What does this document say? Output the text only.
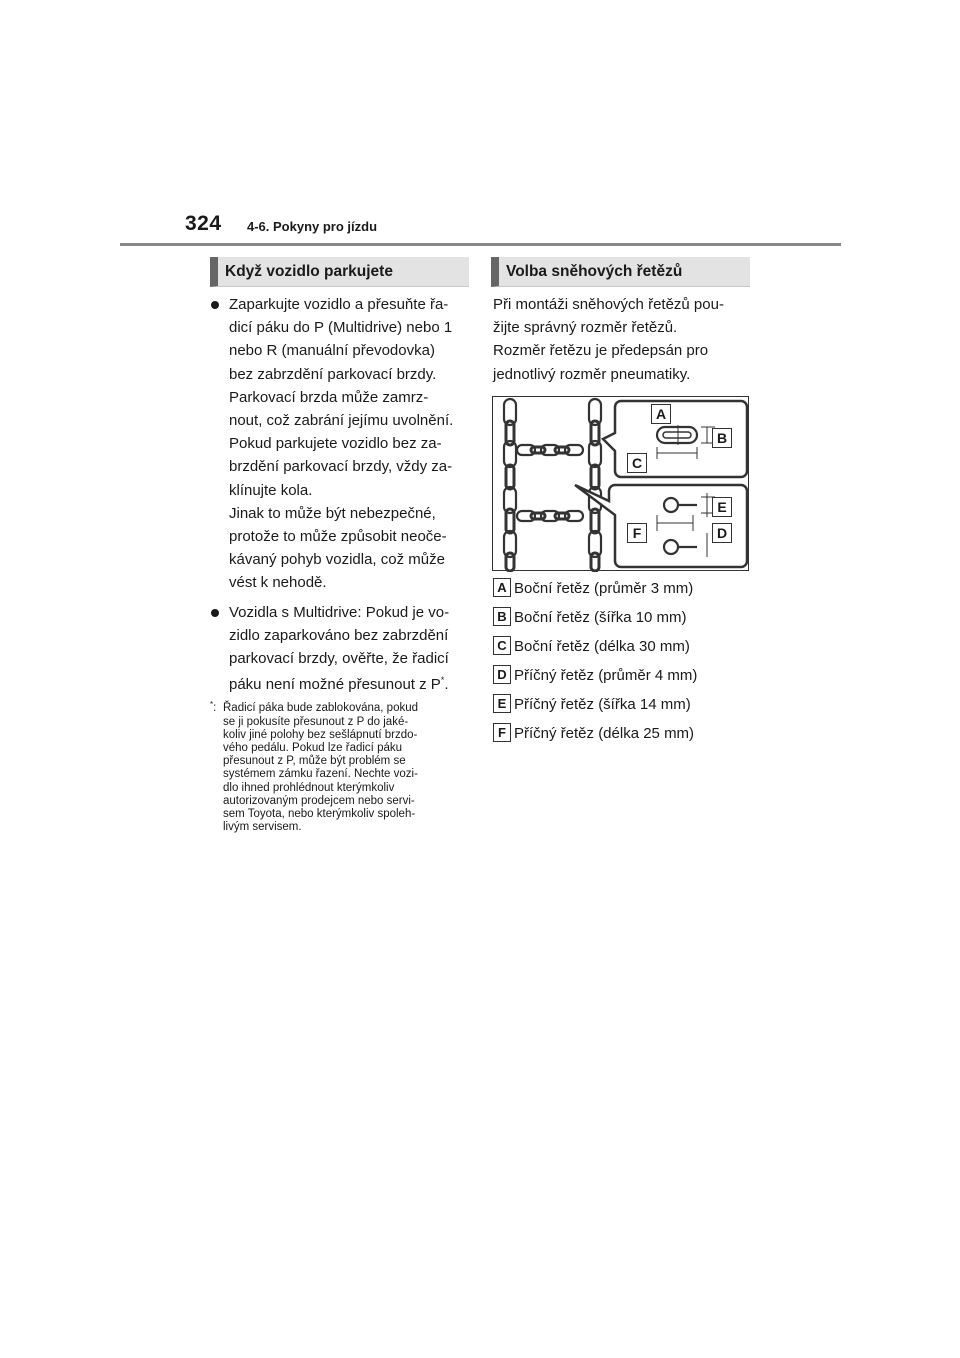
324 4-6. Pokyny pro jízdu
Když vozidlo parkujete	Volba sněhových řetězů
Zaparkujte vozidlo a přesuňte řa-
dicí páku do P (Multidrive) nebo 1
nebo R (manuální převodovka)
bez zabrzdění parkovací brzdy.
Parkovací brzda může zamrz-
nout, což zabrání jejímu uvolnění.
Pokud parkujete vozidlo bez za-
brzdění parkovací brzdy, vždy za-
klínujte kola.
Jinak to může být nebezpečné,
protože to může způsobit neoče-
kávaný pohyb vozidla, což může
vést k nehodě.
Vozidla s Multidrive: Pokud je vo-
zidlo zaparkováno bez zabrzdění
parkovací brzdy, ověřte, že řadicí
páku není možné přesunout z P*.
*: Řadicí páka bude zablokována, pokud
se ji pokusíte přesunout z P do jaké-
koliv jiné polohy bez sešlápnutí brzdo-
vého pedálu. Pokud lze řadicí páku
přesunout z P, může být problém se
systémem zámku řazení. Nechte vozi-
dlo ihned prohlédnout kterýmkoliv
autorizovaným prodejcem nebo servi-
sem Toyota, nebo kterýmkoliv spoleh-
livým servisem.
Při montáži sněhových řetězů pou-
žijte správný rozměr řetězů.
Rozměr řetězu je předepsán pro
jednotlivý rozměr pneumatiky.
A
B
C
E
F	D
A Boční řetěz (průměr 3 mm)
B Boční řetěz (šířka 10 mm)
C Boční řetěz (délka 30 mm)
D Příčný řetěz (průměr 4 mm)
E Příčný řetěz (šířka 14 mm)
F Příčný řetěz (délka 25 mm)
